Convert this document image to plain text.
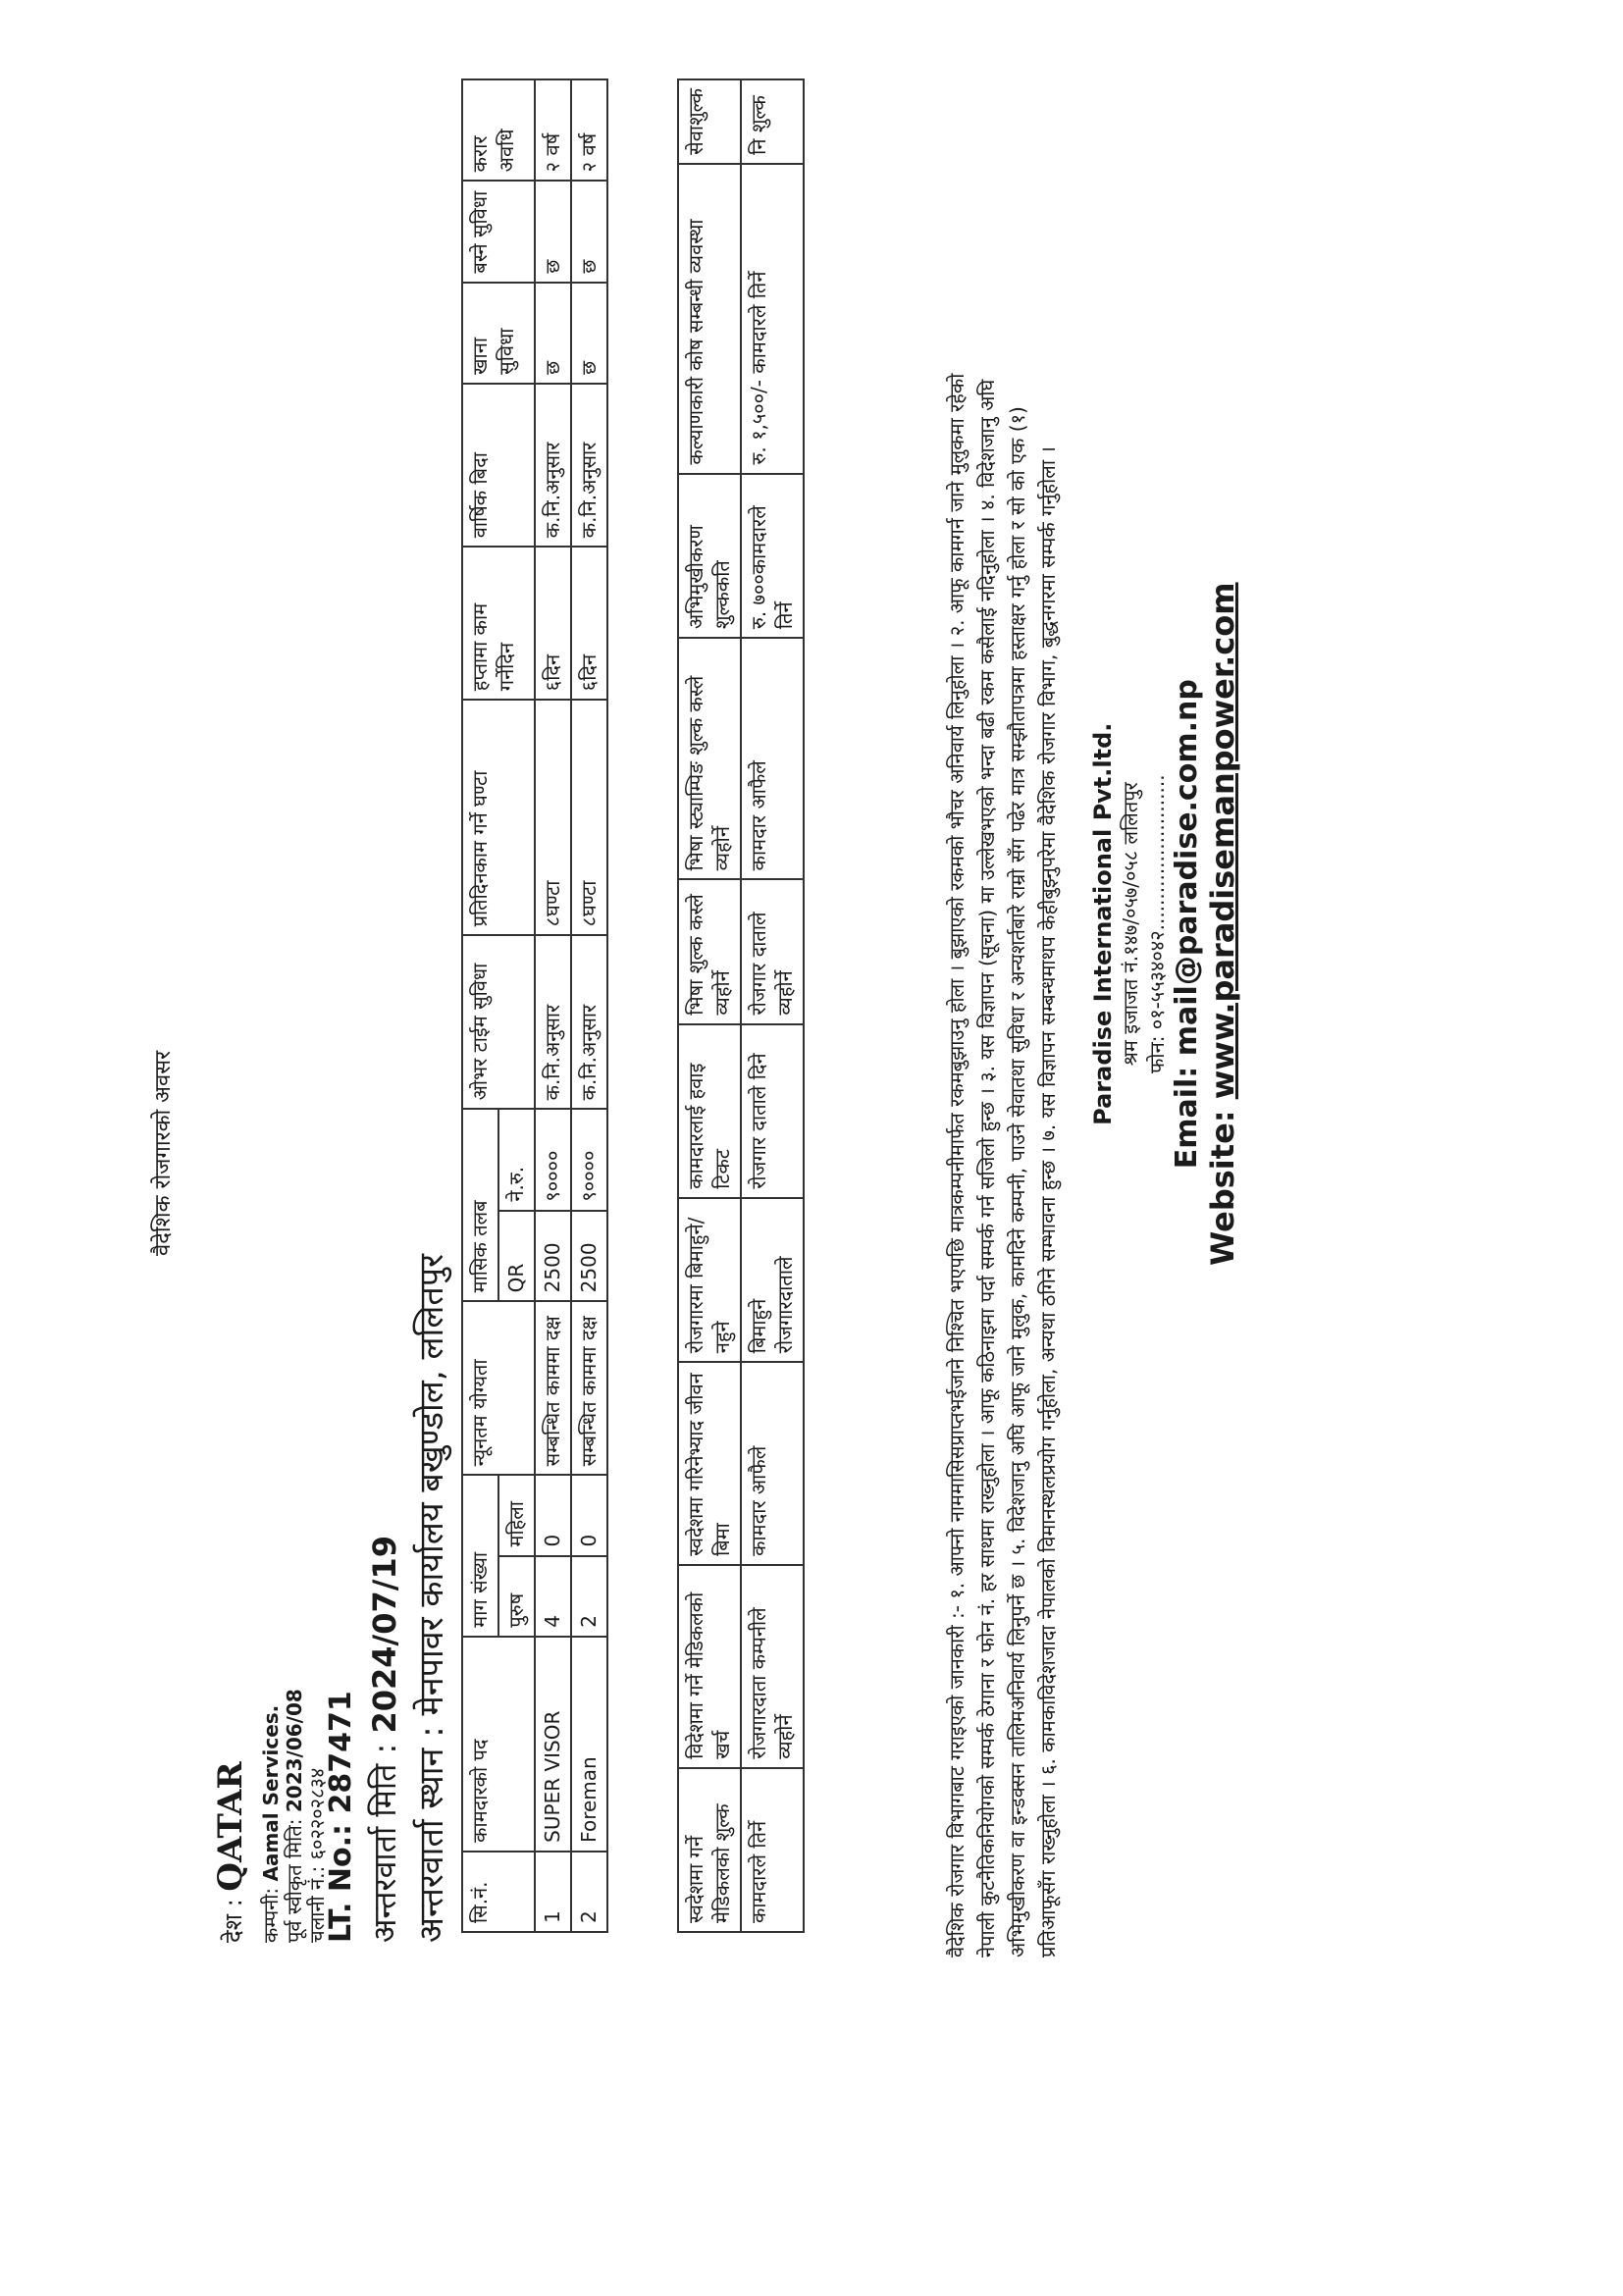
वैदेशिक रोजगारको अवसर
देश : QATAR
कम्पनी: Aamal Services. पूर्व स्वीकृत मिति: 2023/06/08
चलानी नं.: ६०२२०२८३४
LT. No.: 287471 अन्तरवार्ता मिति : 2024/07/19
अन्तरवार्ता स्थान : मेनपावर कार्यालय बखुण्डोल, ललितपुर
सि.नं.	कामदारको पद	माग संख्या		न्यूनतम योग्यता	मासिक तलब		ओभर टाईम सुविधा	प्रतिदिनकाम गर्ने घण्टा	हप्तामा काम गर्नेदिन	वार्षिक बिदा	खाना सुविधा	बस्ने सुविधा	करार अवधि
		पुरुष	महिला		QR	ने.रु.							
1	SUPER VISOR	4	0	सम्बन्धित काममा दक्ष	2500	९००००	क.नि.अनुसार	८घण्टा	६दिन	क.नि.अनुसार	छ	छ	२ वर्ष
2	Foreman	2	0	सम्बन्धित काममा दक्ष	2500	९००००	क.नि.अनुसार	८घण्टा	६दिन	क.नि.अनुसार	छ	छ	२ वर्ष
स्वदेशमा गर्ने मेडिकलको शुल्क	विदेशमा गर्ने मेडिकलको खर्च	स्वदेशमा गरिनेभ्याद जीवन बिमा	रोजगारमा बिमाहुने/नहुने	कामदारलाई हवाइ टिकट	भिषा शुल्क कस्ले व्यहोर्ने	भिषा स्ट्याम्पिङ शुल्क कस्ले व्यहोर्ने	अभिमुखीकरण शुल्ककति	कल्याणकारी कोष सम्बन्धी व्यवस्था	सेवाशुल्क
कामदारले तिर्ने	रोजगारदाता कम्पनीले व्यहोर्ने	कामदार आफैले	बिमाहुने रोजगारदाताले	रोजगार दाताले दिने	रोजगार दाताले व्यहोर्ने	कामदार आफैले	रु. ७००कामदारले तिर्ने	रु. १,५००/- कामदारले तिर्ने	नि शुल्क
वैदेशिक रोजगार विभागबाट गराइएको जानकारी :- १. आफ्नो नाममासिसप्राप्तभईजाने निश्चित भएपछि मात्रकम्पनीमार्फत रकमबुझाउनु होला । बुझाएको रकमको भौचर अनिवार्य लिनुहोला । २. आफू कामगर्न जाने मुलुकमा रहेको नेपाली कुटनैतिकनियोगको सम्पर्क ठेगाना र फोन नं. हर साथमा राख्नुहोला । आफू कठिनाइमा पर्दा सम्पर्क गर्न सजिलो हुन्छ । ३. यस विज्ञापन (सूचना) मा उल्लेखभएको भन्दा बढी रकम कसैलाई नदिनुहोला । ४. विदेशजानु अघि अभिमुखीकरण वा इन्डक्सन तालिमअनिवार्य लिनुपर्ने छ । ५. विदेशजानु अघि आफू जाने मुलुक, कामदिने कम्पनी, पाउने सेवातथा सुविधा र अन्यशर्तबारे राम्रो सँग पढेर मात्र सम्झौतापत्रमा हस्ताक्षर गर्नु होला र सो को एक (१) प्रतिआफूसँग राख्नुहोला । ६. कामकाविदेशजादा नेपालको विमानस्थलप्रयोग गर्नुहोला, अन्यथा ठगिने सम्भावना हुन्छ । ७. यस विज्ञापन सम्बन्धमाथप केहीबुझ्नुपरेमा वैदेशिक रोजगार विभाग, बुद्धनगरमा सम्पर्क गर्नुहोला । Paradise International Pvt.ltd. श्रम इजाजत नं.१४७/०५७/०५८ ललितपुर फोन: ०१-५५३४०४२.........................
Email: mail@paradise.com.np
Website: www.paradisemanpower.com
